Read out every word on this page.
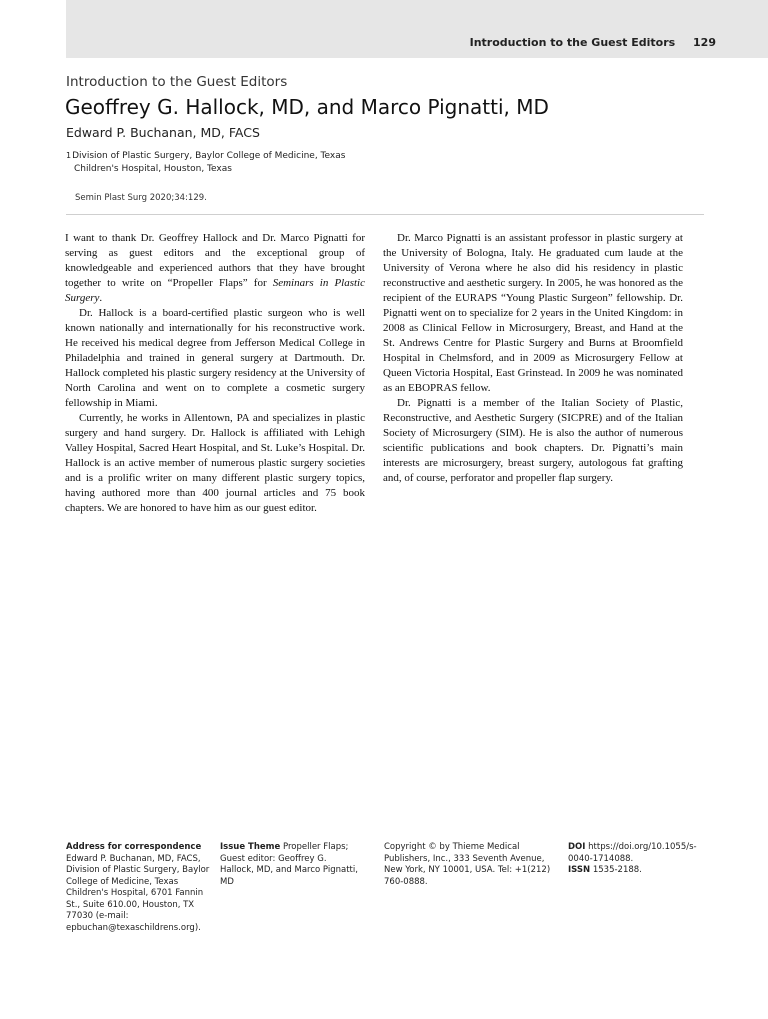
Introduction to the Guest Editors 129
Introduction to the Guest Editors
Geoffrey G. Hallock, MD, and Marco Pignatti, MD
Edward P. Buchanan, MD, FACS
$^1$Division of Plastic Surgery, Baylor College of Medicine, Texas
Children's Hospital, Houston, Texas
Semin Plast Surg 2020;34:129.

I want to thank Dr. Geoffrey Hallock and Dr. Marco Pignatti for serving as guest editors and the exceptional group of knowledgeable and experienced authors that they have brought together to write on “Propeller Flaps” for Seminars in Plastic Surgery.

Dr. Hallock is a board-certified plastic surgeon who is well known nationally and internationally for his reconstructive work. He received his medical degree from Jefferson Medical College in Philadelphia and trained in general surgery at Dartmouth. Dr. Hallock completed his plastic surgery residency at the University of North Carolina and went on to complete a cosmetic surgery fellowship in Miami.

Currently, he works in Allentown, PA and specializes in plastic surgery and hand surgery. Dr. Hallock is affiliated with Lehigh Valley Hospital, Sacred Heart Hospital, and St. Luke’s Hospital. Dr. Hallock is an active member of numerous plastic surgery societies and is a prolific writer on many different plastic surgery topics, having authored more than 400 journal articles and 75 book chapters. We are honored to have him as our guest editor.

Dr. Marco Pignatti is an assistant professor in plastic surgery at the University of Bologna, Italy. He graduated cum laude at the University of Verona where he also did his residency in plastic reconstructive and aesthetic surgery. In 2005, he was honored as the recipient of the EURAPS “Young Plastic Surgeon” fellowship. Dr. Pignatti went on to specialize for 2 years in the United Kingdom: in 2008 as Clinical Fellow in Microsurgery, Breast, and Hand at the St. Andrews Centre for Plastic Surgery and Burns at Broomfield Hospital in Chelmsford, and in 2009 as Microsurgery Fellow at Queen Victoria Hospital, East Grinstead. In 2009 he was nominated as an EBOPRAS fellow.

Dr. Pignatti is a member of the Italian Society of Plastic, Reconstructive, and Aesthetic Surgery (SICPRE) and of the Italian Society of Microsurgery (SIM). He is also the author of numerous scientific publications and book chapters. Dr. Pignatti’s main interests are microsurgery, breast surgery, autologous fat grafting and, of course, perforator and propeller flap surgery.

Address for correspondence
Edward P. Buchanan, MD, FACS, Division of Plastic Surgery, Baylor College of Medicine, Texas Children's Hospital, 6701 Fannin St., Suite 610.00, Houston, TX 77030 (e-mail: epbuchan@texaschildrens.org).
Issue Theme Propeller Flaps; Guest editor: Geoffrey G. Hallock, MD, and Marco Pignatti, MD
Copyright © by Thieme Medical Publishers, Inc., 333 Seventh Avenue, New York, NY 10001, USA. Tel: +1(212) 760-0888.
DOI https://doi.org/10.1055/s-0040-1714088.
ISSN 1535-2188.
